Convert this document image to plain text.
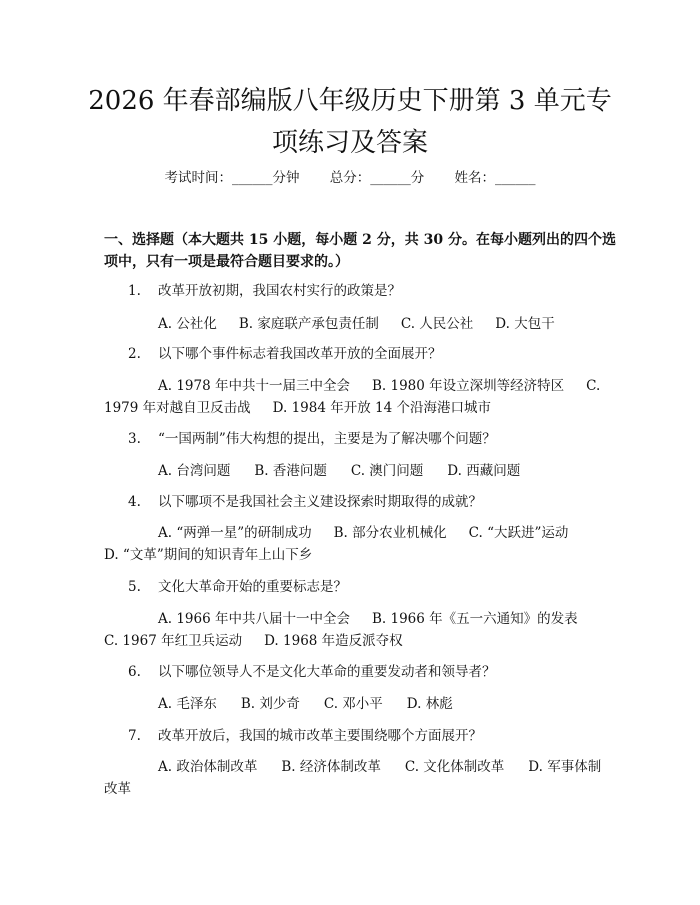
2026 年春部编版八年级历史下册第 3 单元专
项练习及答案
考试时间：______分钟 总分：______分 姓名：______
一、选择题（本大题共 15 小题，每小题 2 分，共 30 分。在每小题列出的四个选项中，只有一项是最符合题目要求的。）
1. 改革开放初期，我国农村实行的政策是？
A. 公社化 B. 家庭联产承包责任制 C. 人民公社 D. 大包干
2. 以下哪个事件标志着我国改革开放的全面展开？
A. 1978 年中共十一届三中全会 B. 1980 年设立深圳等经济特区 C. 1979 年对越自卫反击战 D. 1984 年开放 14 个沿海港口城市
3. “一国两制”伟大构想的提出，主要是为了解决哪个问题？
A. 台湾问题 B. 香港问题 C. 澳门问题 D. 西藏问题
4. 以下哪项不是我国社会主义建设探索时期取得的成就？
A. “两弹一星”的研制成功 B. 部分农业机械化 C. “大跃进”运动D. “文革”期间的知识青年上山下乡
5. 文化大革命开始的重要标志是？
A. 1966 年中共八届十一中全会 B. 1966 年《五一六通知》的发表C. 1967 年红卫兵运动 D. 1968 年造反派夺权
6. 以下哪位领导人不是文化大革命的重要发动者和领导者？
A. 毛泽东 B. 刘少奇 C. 邓小平 D. 林彪
7. 改革开放后，我国的城市改革主要围绕哪个方面展开？
A. 政治体制改革 B. 经济体制改革 C. 文化体制改革 D. 军事体制改革
